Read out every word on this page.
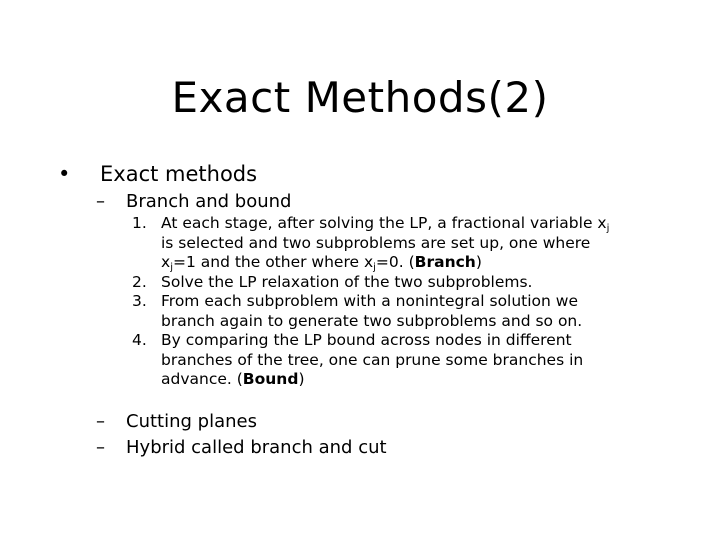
Exact Methods(2)
•	Exact methods
– Branch and bound
1. At each stage, after solving the LP, a fractional variable $x_j$
is selected and two subproblems are set up, one where
$x_j=1$ and the other where $x_j=0$. (Branch)
2. Solve the LP relaxation of the two subproblems.
3. From each subproblem with a nonintegral solution we
branch again to generate two subproblems and so on.
4. By comparing the LP bound across nodes in different
branches of the tree, one can prune some branches in
advance. (Bound)
– Cutting planes
– Hybrid called branch and cut
